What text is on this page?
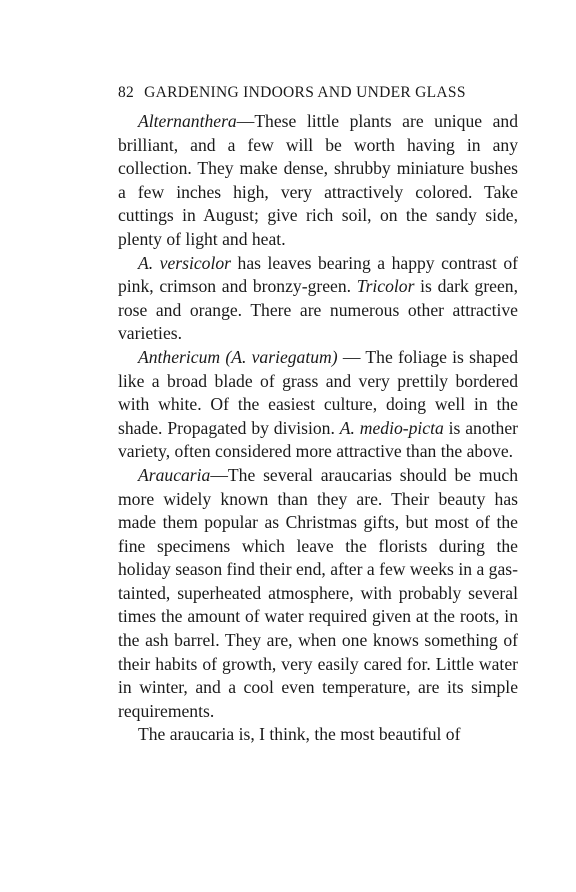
82 GARDENING INDOORS AND UNDER GLASS

Alternanthera—These little plants are unique and brilliant, and a few will be worth having in any collection. They make dense, shrubby miniature bushes a few inches high, very attractively colored. Take cuttings in August; give rich soil, on the sandy side, plenty of light and heat.

A. versicolor has leaves bearing a happy contrast of pink, crimson and bronzy-green. Tricolor is dark green, rose and orange. There are numerous other attractive varieties.

Anthericum (A. variegatum) — The foliage is shaped like a broad blade of grass and very prettily bordered with white. Of the easiest culture, doing well in the shade. Propagated by division. A. medio-picta is another variety, often considered more attractive than the above.

Araucaria—The several araucarias should be much more widely known than they are. Their beauty has made them popular as Christmas gifts, but most of the fine specimens which leave the florists during the holiday season find their end, after a few weeks in a gas-tainted, superheated atmosphere, with probably several times the amount of water required given at the roots, in the ash barrel. They are, when one knows something of their habits of growth, very easily cared for. Little water in winter, and a cool even temperature, are its simple requirements.

The araucaria is, I think, the most beautiful of
